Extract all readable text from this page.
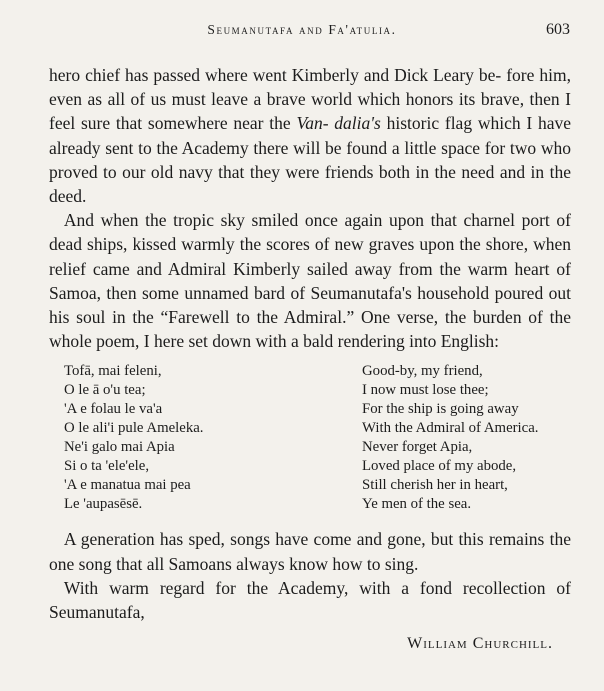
Seumanutafa and Fa'atulia.	603

hero chief has passed where went Kimberly and Dick Leary be- fore him, even as all of us must leave a brave world which honors its brave, then I feel sure that somewhere near the Van- dalia's historic flag which I have already sent to the Academy there will be found a little space for two who proved to our old navy that they were friends both in the need and in the deed.

And when the tropic sky smiled once again upon that charnel port of dead ships, kissed warmly the scores of new graves upon the shore, when relief came and Admiral Kimberly sailed away from the warm heart of Samoa, then some unnamed bard of Seumanutafa's household poured out his soul in the “Farewell to the Admiral.” One verse, the burden of the whole poem, I here set down with a bald rendering into English:

Tofā, mai feleni,	Good-by, my friend,
O le ā o'u tea;	I now must lose thee;
'A e folau le va'a	For the ship is going away
O le ali'i pule Ameleka.	With the Admiral of America.
Ne'i galo mai Apia	Never forget Apia,
Si o ta 'ele'ele,	Loved place of my abode,
'A e manatua mai pea	Still cherish her in heart,
Le 'aupasēsē.	Ye men of the sea.

A generation has sped, songs have come and gone, but this remains the one song that all Samoans always know how to sing.

With warm regard for the Academy, with a fond recollection of Seumanutafa,

William Churchill.
